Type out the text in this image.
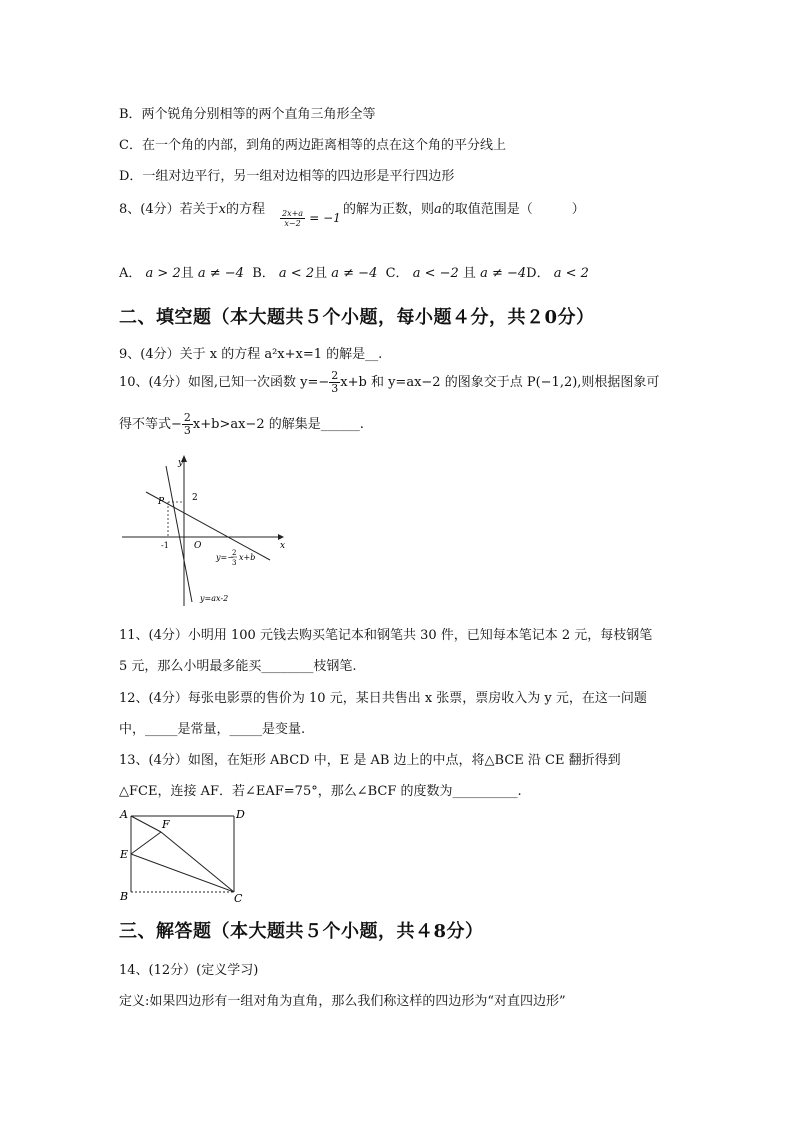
B．两个锐角分别相等的两个直角三角形全等
C．在一个角的内部，到角的两边距离相等的点在这个角的平分线上
D．一组对边平行，另一组对边相等的四边形是平行四边形
8、(4分）若关于x的方程 $\frac{2x+a}{x-2} = -1$
的解为正数，则a的取值范围是（　　　）
A． a > 2且 a ≠ −4 B． a < 2且 a ≠ −4 C． a < −2 且 a ≠ −4D． a < 2
二、填空题（本大题共５个小题，每小题４分，共２0分）
9、(4分）关于 x 的方程 a²x+x=1 的解是__.
10、(4分）如图,已知一次函数 $y=- \frac{2}{3} x+b$ 和 y=ax−2 的图象交于点 P(−1,2),则根据图象可
得不等式− $\frac{2}{3} x+b>ax-2$ 的解集是______.
x
y
P	2
-1	O
y=−
2
3
x+b
y=ax-2
11、(4分）小明用 100 元钱去购买笔记本和钢笔共 30 件，已知每本笔记本 2 元，每枝钢笔
5 元，那么小明最多能买________枝钢笔.
12、(4分）每张电影票的售价为 10 元，某日共售出 x 张票，票房收入为 y 元，在这一问题
中，_____是常量，_____是变量.
13、(4分）如图，在矩形 ABCD 中，E 是 AB 边上的中点，将△BCE 沿 CE 翻折得到
△FCE，连接 AF．若∠EAF=75°，那么∠BCF 的度数为__________.
A	D
E
F
B	C
三、解答题（本大题共５个小题，共４8分）
14、(12分）(定义学习)
定义:如果四边形有一组对角为直角，那么我们称这样的四边形为“对直四边形”
